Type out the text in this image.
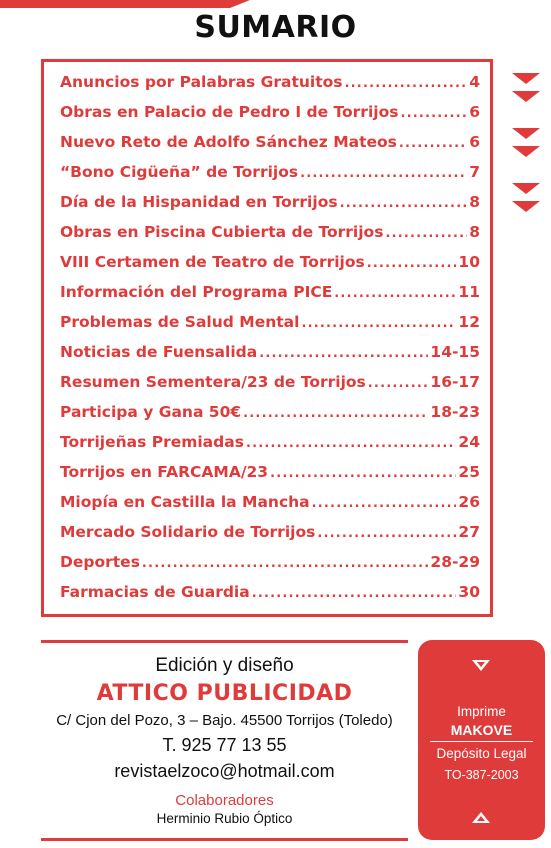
SUMARIO
Anuncios por Palabras Gratuitos .....	4
Obras en Palacio de Pedro I de Torrijos .....	6
Nuevo Reto de Adolfo Sánchez Mateos .....	6
“Bono Cigüeña” de Torrijos .....	7
Día de la Hispanidad en Torrijos .....	8
Obras en Piscina Cubierta de Torrijos .....	8
VIII Certamen de Teatro de Torrijos .....	10
Información del Programa PICE .....	11
Problemas de Salud Mental .....	12
Noticias de Fuensalida .....	14-15
Resumen Sementera/23 de Torrijos .....	16-17
Participa y Gana 50€ .....	18-23
Torrijeñas Premiadas .....	24
Torrijos en FARCAMA/23 .....	25
Miopía en Castilla la Mancha .....	26
Mercado Solidario de Torrijos .....	27
Deportes .....	28-29
Farmacias de Guardia .....	30
Edición y diseño
ATTICO PUBLICIDAD
C/ Cjon del Pozo, 3 – Bajo. 45500 Torrijos (Toledo)
T. 925 77 13 55
revistaelzoco@hotmail.com
Colaboradores
Herminio Rubio Óptico
Imprime
MAKOVE
Depósito Legal
TO-387-2003
